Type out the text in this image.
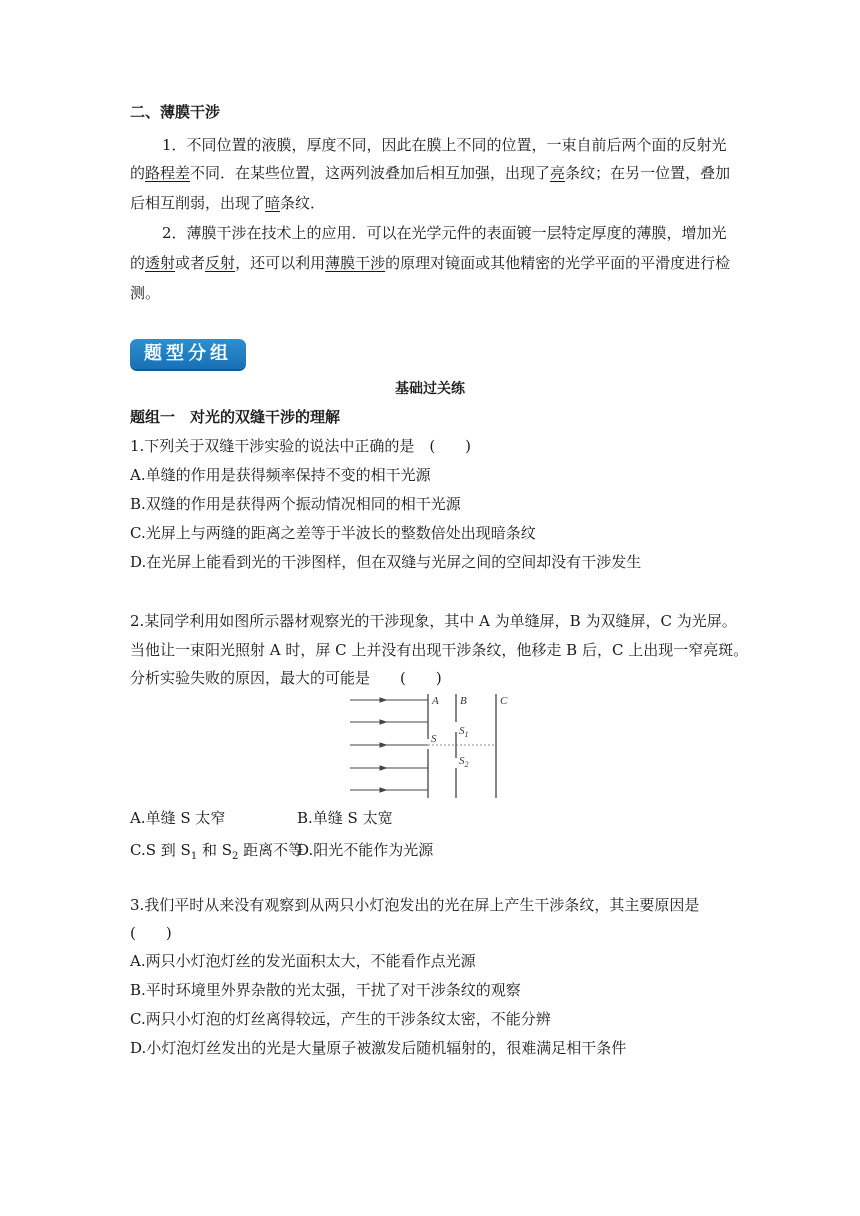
二、薄膜干涉
1．不同位置的液膜，厚度不同，因此在膜上不同的位置，一束自前后两个面的反射光
的路程差不同．在某些位置，这两列波叠加后相互加强，出现了亮条纹；在另一位置，叠加
后相互削弱，出现了暗条纹．
2．薄膜干涉在技术上的应用．可以在光学元件的表面镀一层特定厚度的薄膜，增加光
的透射或者反射，还可以利用薄膜干涉的原理对镜面或其他精密的光学平面的平滑度进行检
测。
题型分组
基础过关练
题组一　对光的双缝干涉的理解
1.下列关于双缝干涉实验的说法中正确的是　(　　)
A.单缝的作用是获得频率保持不变的相干光源
B.双缝的作用是获得两个振动情况相同的相干光源
C.光屏上与两缝的距离之差等于半波长的整数倍处出现暗条纹
D.在光屏上能看到光的干涉图样，但在双缝与光屏之间的空间却没有干涉发生
2.某同学利用如图所示器材观察光的干涉现象，其中 A 为单缝屏，B 为双缝屏，C 为光屏。
当他让一束阳光照射 A 时，屏 C 上并没有出现干涉条纹，他移走 B 后，C 上出现一窄亮斑。
分析实验失败的原因，最大的可能是　　(　　)
A B	C
S
$S_1$
$S_2$
A.单缝 S 太窄	B.单缝 S 太宽
C.S 到 $S_1$ 和 $S_2$ 距离不等
D.阳光不能作为光源
3.我们平时从来没有观察到从两只小灯泡发出的光在屏上产生干涉条纹，其主要原因是
(　　)
A.两只小灯泡灯丝的发光面积太大，不能看作点光源
B.平时环境里外界杂散的光太强，干扰了对干涉条纹的观察
C.两只小灯泡的灯丝离得较远，产生的干涉条纹太密，不能分辨
D.小灯泡灯丝发出的光是大量原子被激发后随机辐射的，很难满足相干条件
